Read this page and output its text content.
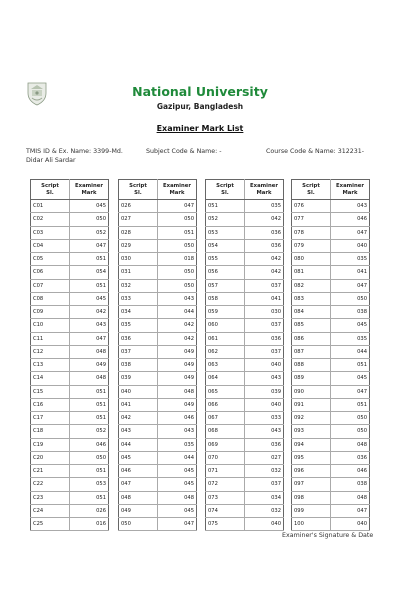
National University
Gazipur, Bangladesh
Examiner Mark List
TMIS ID & Ex. Name: 3399-Md. Didar Ali Sardar
Subject Code & Name: -	Course Code & Name: 312231-
Script
Sl.	Examiner
Mark
C01	045
C02	050
C03	052
C04	047
C05	051
C06	054
C07	051
C08	045
C09	042
C10	043
C11	047
C12	048
C13	049
C14	048
C15	051
C16	051
C17	051
C18	052
C19	046
C20	050
C21	051
C22	053
C23	051
C24	026
C25	016
Script
Sl.	Examiner
Mark
026	047
027	050
028	051
029	050
030	018
031	050
032	050
033	043
034	044
035	042
036	042
037	049
038	049
039	049
040	048
041	049
042	046
043	043
044	035
045	044
046	045
047	045
048	048
049	045
050	047
Script
Sl.	Examiner
Mark
051	035
052	042
053	036
054	036
055	042
056	042
057	037
058	041
059	030
060	037
061	036
062	037
063	040
064	043
065	039
066	040
067	033
068	043
069	036
070	027
071	032
072	037
073	034
074	032
075	040
Script
Sl.	Examiner
Mark
076	043
077	046
078	047
079	040
080	035
081	041
082	047
083	050
084	038
085	045
086	035
087	044
088	051
089	045
090	047
091	051
092	050
093	050
094	048
095	036
096	046
097	038
098	048
099	047
100	040
Examiner's Signature & Date
